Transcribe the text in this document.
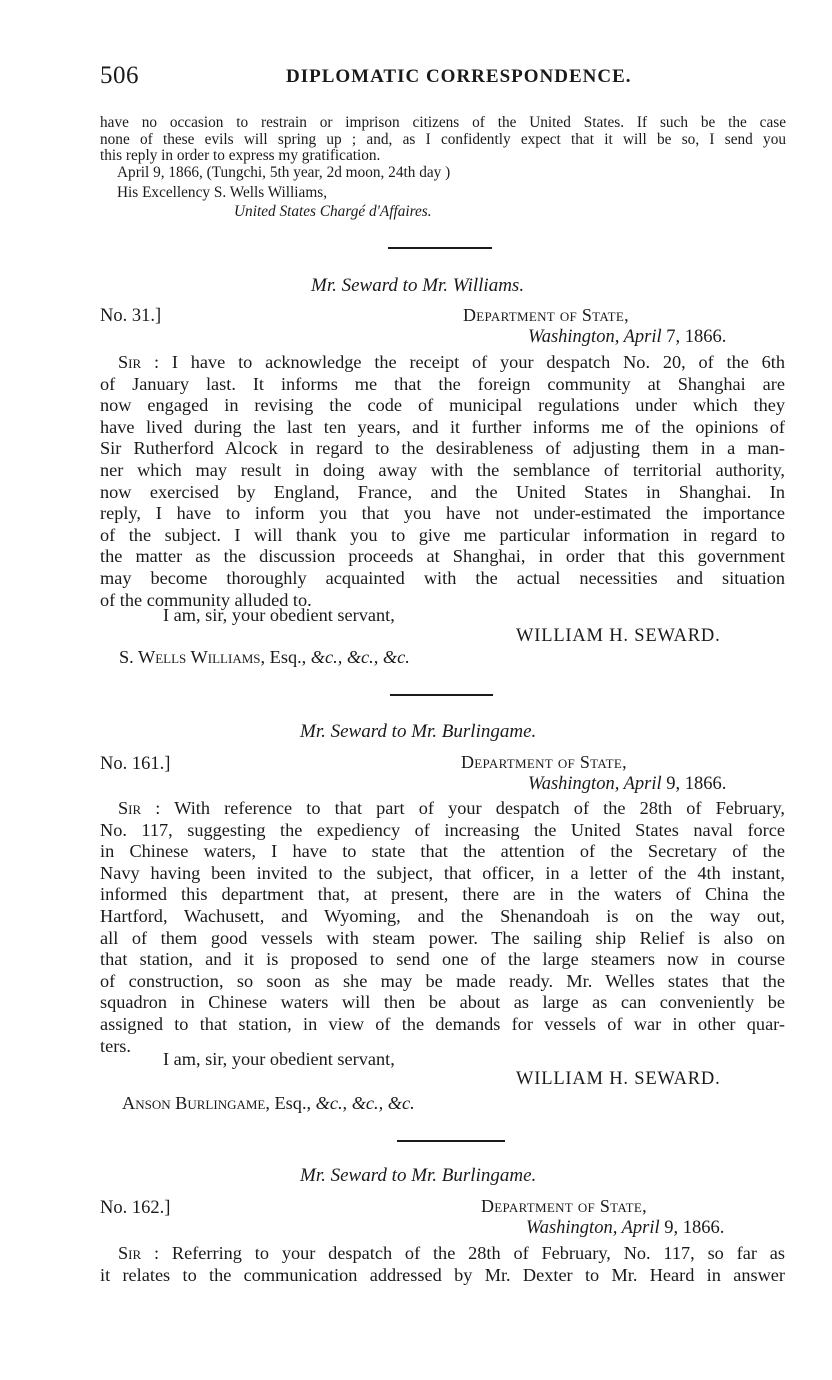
506	DIPLOMATIC CORRESPONDENCE.

have no occasion to restrain or imprison citizens of the United States. If such be the case

none of these evils will spring up ; and, as I confidently expect that it will be so, I send you

this reply in order to express my gratification.

April 9, 1866, (Tungchi, 5th year, 2d moon, 24th day )
His Excellency S. Wells Williams,
United States Chargé d'Affaires.
Mr. Seward to Mr. Williams.
No. 31.]	Department of State,
Washington, April 7, 1866.
Sir : I have to acknowledge the receipt of your despatch No. 20, of the 6th
of January last. It informs me that the foreign community at Shanghai are
now engaged in revising the code of municipal regulations under which they
have lived during the last ten years, and it further informs me of the opinions of
Sir Rutherford Alcock in regard to the desirableness of adjusting them in a man-
ner which may result in doing away with the semblance of territorial authority,
now exercised by England, France, and the United States in Shanghai. In
reply, I have to inform you that you have not under-estimated the importance
of the subject. I will thank you to give me particular information in regard to
the matter as the discussion proceeds at Shanghai, in order that this government
may become thoroughly acquainted with the actual necessities and situation
of the community alluded to.
I am, sir, your obedient servant,
WILLIAM H. SEWARD.
S. Wells Williams, Esq., &c., &c., &c.
Mr. Seward to Mr. Burlingame.
No. 161.]	Department of State,
Washington, April 9, 1866.
Sir : With reference to that part of your despatch of the 28th of February,
No. 117, suggesting the expediency of increasing the United States naval force
in Chinese waters, I have to state that the attention of the Secretary of the
Navy having been invited to the subject, that officer, in a letter of the 4th instant,
informed this department that, at present, there are in the waters of China the
Hartford, Wachusett, and Wyoming, and the Shenandoah is on the way out,
all of them good vessels with steam power. The sailing ship Relief is also on
that station, and it is proposed to send one of the large steamers now in course
of construction, so soon as she may be made ready. Mr. Welles states that the
squadron in Chinese waters will then be about as large as can conveniently be
assigned to that station, in view of the demands for vessels of war in other quar-
ters.
I am, sir, your obedient servant,
WILLIAM H. SEWARD.
Anson Burlingame, Esq., &c., &c., &c.
Mr. Seward to Mr. Burlingame.
No. 162.]	Department of State,
Washington, April 9, 1866.
Sir : Referring to your despatch of the 28th of February, No. 117, so far as
it relates to the communication addressed by Mr. Dexter to Mr. Heard in answer
